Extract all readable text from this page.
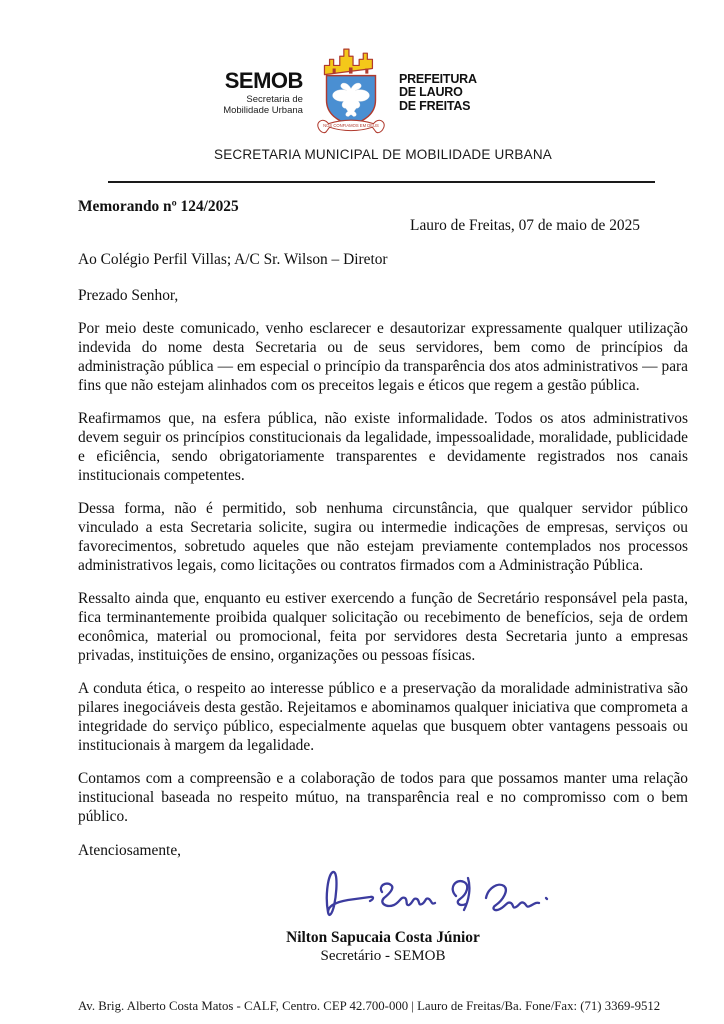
SEMOB
Secretaria de
Mobilidade Urbana
NÓS CONFIAMOS EM DEUS
PREFEITURA
DE LAURO
DE FREITAS
SECRETARIA MUNICIPAL DE MOBILIDADE URBANA
Memorando nº 124/2025
Lauro de Freitas, 07 de maio de 2025
Ao Colégio Perfil Villas; A/C Sr. Wilson – Diretor
Prezado Senhor,

Por meio deste comunicado, venho esclarecer e desautorizar expressamente qualquer utilização indevida do nome desta Secretaria ou de seus servidores, bem como de princípios da administração pública — em especial o princípio da transparência dos atos administrativos — para fins que não estejam alinhados com os preceitos legais e éticos que regem a gestão pública.

Reafirmamos que, na esfera pública, não existe informalidade. Todos os atos administrativos devem seguir os princípios constitucionais da legalidade, impessoalidade, moralidade, publicidade e eficiência, sendo obrigatoriamente transparentes e devidamente registrados nos canais institucionais competentes.

Dessa forma, não é permitido, sob nenhuma circunstância, que qualquer servidor público vinculado a esta Secretaria solicite, sugira ou intermedie indicações de empresas, serviços ou favorecimentos, sobretudo aqueles que não estejam previamente contemplados nos processos administrativos legais, como licitações ou contratos firmados com a Administração Pública.

Ressalto ainda que, enquanto eu estiver exercendo a função de Secretário responsável pela pasta, fica terminantemente proibida qualquer solicitação ou recebimento de benefícios, seja de ordem econômica, material ou promocional, feita por servidores desta Secretaria junto a empresas privadas, instituições de ensino, organizações ou pessoas físicas.

A conduta ética, o respeito ao interesse público e a preservação da moralidade administrativa são pilares inegociáveis desta gestão. Rejeitamos e abominamos qualquer iniciativa que comprometa a integridade do serviço público, especialmente aquelas que busquem obter vantagens pessoais ou institucionais à margem da legalidade.

Contamos com a compreensão e a colaboração de todos para que possamos manter uma relação institucional baseada no respeito mútuo, na transparência real e no compromisso com o bem público.

Atenciosamente,
Nilton Sapucaia Costa Júnior
Secretário - SEMOB
Av. Brig. Alberto Costa Matos - CALF, Centro. CEP 42.700-000 | Lauro de Freitas/Ba. Fone/Fax: (71) 3369-9512
